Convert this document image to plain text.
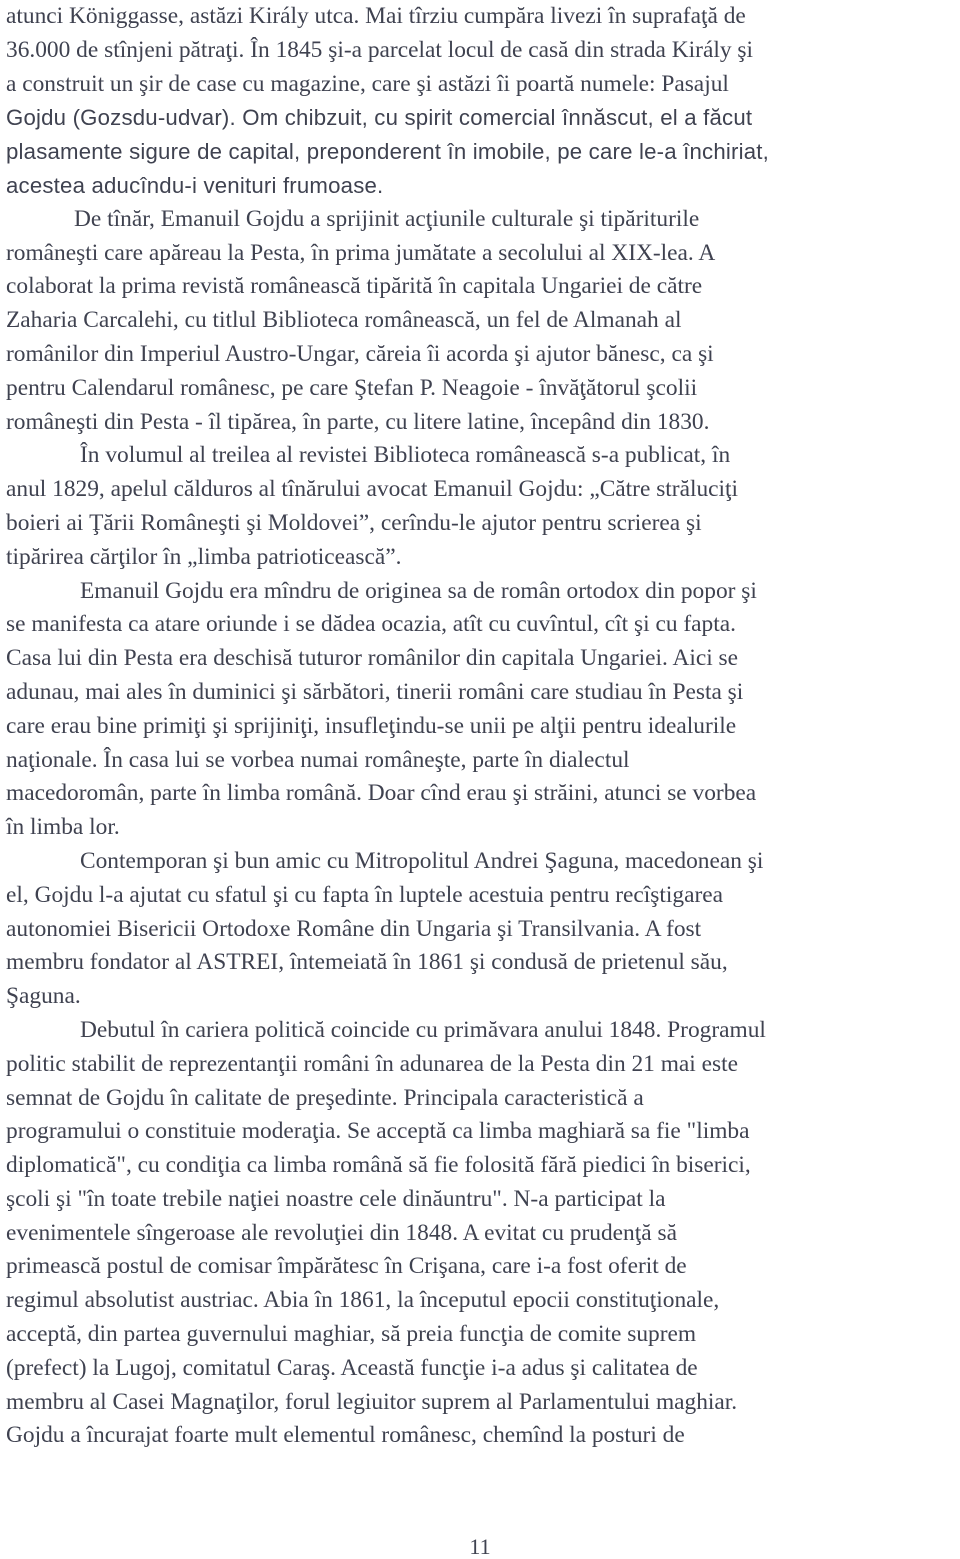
atunci Königgasse, astăzi Király utca. Mai tîrziu cumpăra livezi în suprafaţă de
36.000 de stînjeni pătraţi. În 1845 şi-a parcelat locul de casă din strada Király şi
a construit un şir de case cu magazine, care şi astăzi îi poartă numele: Pasajul
Gojdu (Gozsdu-udvar). Om chibzuit, cu spirit comercial înnăscut, el a făcut
plasamente sigure de capital, preponderent în imobile, pe care le-a închiriat,
acestea aducîndu-i venituri frumoase.

De tînăr, Emanuil Gojdu a sprijinit acţiunile culturale şi tipăriturile
româneşti care apăreau la Pesta, în prima jumătate a secolului al XIX-lea. A
colaborat la prima revistă românească tipărită în capitala Ungariei de către
Zaharia Carcalehi, cu titlul Biblioteca românească, un fel de Almanah al
românilor din Imperiul Austro-Ungar, căreia îi acorda şi ajutor bănesc, ca şi
pentru Calendarul românesc, pe care Ştefan P. Neagoie - învăţătorul şcolii
româneşti din Pesta - îl tipărea, în parte, cu litere latine, începând din 1830.

În volumul al treilea al revistei Biblioteca românească s-a publicat, în
anul 1829, apelul călduros al tînărului avocat Emanuil Gojdu: „Către străluciţi
boieri ai Ţării Româneşti şi Moldovei”, cerîndu-le ajutor pentru scrierea şi
tipărirea cărţilor în „limba patrioticească”.

Emanuil Gojdu era mîndru de originea sa de român ortodox din popor şi
se manifesta ca atare oriunde i se dădea ocazia, atît cu cuvîntul, cît şi cu fapta.
Casa lui din Pesta era deschisă tuturor românilor din capitala Ungariei. Aici se
adunau, mai ales în duminici şi sărbători, tinerii români care studiau în Pesta şi
care erau bine primiţi şi sprijiniţi, insufleţindu-se unii pe alţii pentru idealurile
naţionale. În casa lui se vorbea numai româneşte, parte în dialectul
macedoromân, parte în limba română. Doar cînd erau şi străini, atunci se vorbea
în limba lor.

Contemporan şi bun amic cu Mitropolitul Andrei Şaguna, macedonean şi
el, Gojdu l-a ajutat cu sfatul şi cu fapta în luptele acestuia pentru recîştigarea
autonomiei Bisericii Ortodoxe Române din Ungaria şi Transilvania. A fost
membru fondator al ASTREI, întemeiată în 1861 şi condusă de prietenul său,
Şaguna.

Debutul în cariera politică coincide cu primăvara anului 1848. Programul
politic stabilit de reprezentanţii români în adunarea de la Pesta din 21 mai este
semnat de Gojdu în calitate de preşedinte. Principala caracteristică a
programului o constituie moderaţia. Se acceptă ca limba maghiară sa fie "limba
diplomatică", cu condiţia ca limba română să fie folosită fără piedici în biserici,
şcoli şi "în toate trebile naţiei noastre cele dinăuntru". N-a participat la
evenimentele sîngeroase ale revoluţiei din 1848. A evitat cu prudenţă să
primească postul de comisar împărătesc în Crişana, care i-a fost oferit de
regimul absolutist austriac. Abia în 1861, la începutul epocii constituţionale,
acceptă, din partea guvernului maghiar, să preia funcţia de comite suprem
(prefect) la Lugoj, comitatul Caraş. Această funcţie i-a adus şi calitatea de
membru al Casei Magnaţilor, forul legiuitor suprem al Parlamentului maghiar.
Gojdu a încurajat foarte mult elementul românesc, chemînd la posturi de

11
